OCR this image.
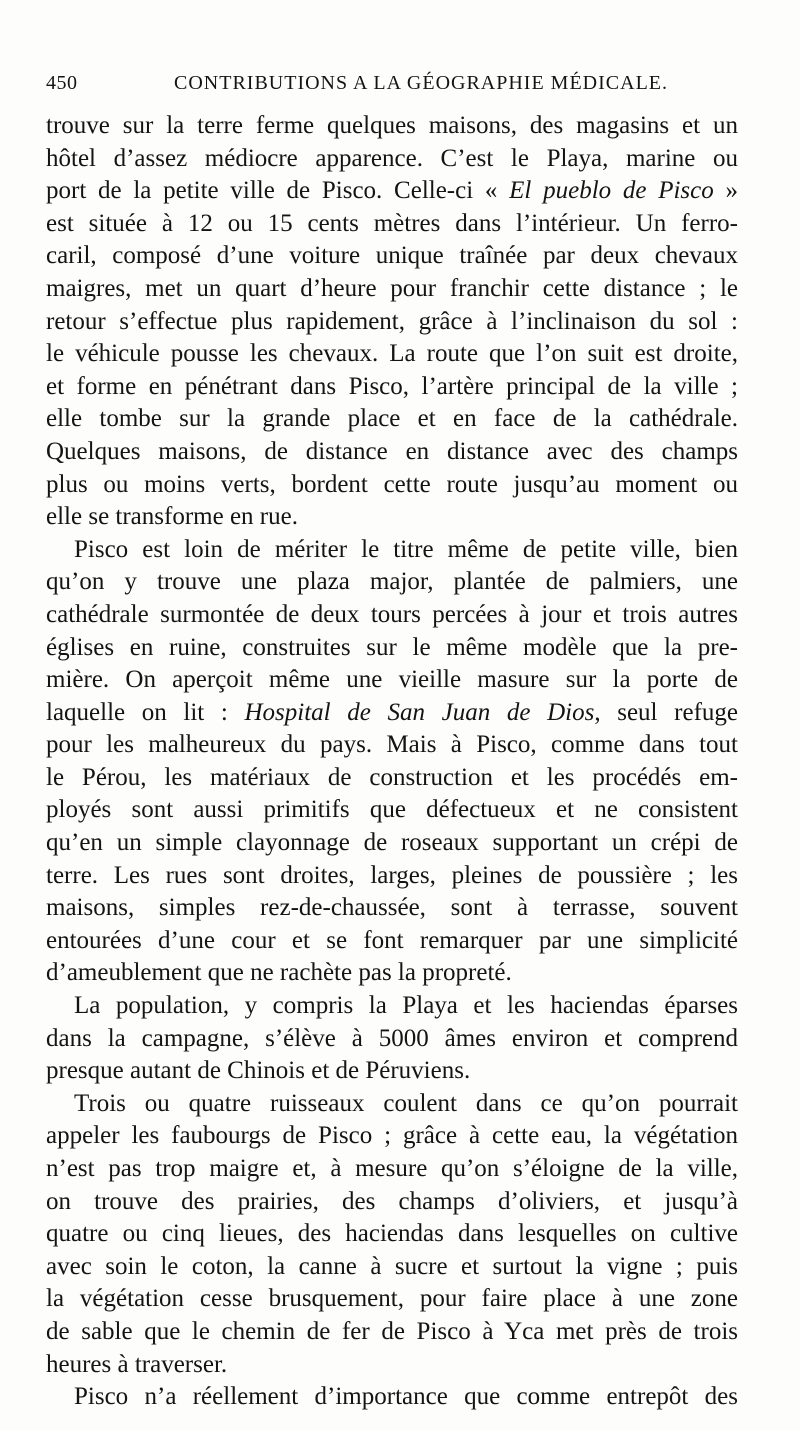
450	CONTRIBUTIONS A LA GÉOGRAPHIE MÉDICALE.

trouve sur la terre ferme quelques maisons, des magasins et un

hôtel d’assez médiocre apparence. C’est le Playa, marine ou

port de la petite ville de Pisco. Celle-ci « El pueblo de Pisco »

est située à 12 ou 15 cents mètres dans l’intérieur. Un ferro-

caril, composé d’une voiture unique traînée par deux chevaux

maigres, met un quart d’heure pour franchir cette distance ; le

retour s’effectue plus rapidement, grâce à l’inclinaison du sol :

le véhicule pousse les chevaux. La route que l’on suit est droite,

et forme en pénétrant dans Pisco, l’artère principal de la ville ;

elle tombe sur la grande place et en face de la cathédrale.

Quelques maisons, de distance en distance avec des champs

plus ou moins verts, bordent cette route jusqu’au moment ou

elle se transforme en rue.

Pisco est loin de mériter le titre même de petite ville, bien

qu’on y trouve une plaza major, plantée de palmiers, une

cathédrale surmontée de deux tours percées à jour et trois autres

églises en ruine, construites sur le même modèle que la pre-

mière. On aperçoit même une vieille masure sur la porte de

laquelle on lit : Hospital de San Juan de Dios, seul refuge

pour les malheureux du pays. Mais à Pisco, comme dans tout

le Pérou, les matériaux de construction et les procédés em-

ployés sont aussi primitifs que défectueux et ne consistent

qu’en un simple clayonnage de roseaux supportant un crépi de

terre. Les rues sont droites, larges, pleines de poussière ; les

maisons, simples rez-de-chaussée, sont à terrasse, souvent

entourées d’une cour et se font remarquer par une simplicité

d’ameublement que ne rachète pas la propreté.

La population, y compris la Playa et les haciendas éparses

dans la campagne, s’élève à 5000 âmes environ et comprend

presque autant de Chinois et de Péruviens.

Trois ou quatre ruisseaux coulent dans ce qu’on pourrait

appeler les faubourgs de Pisco ; grâce à cette eau, la végétation

n’est pas trop maigre et, à mesure qu’on s’éloigne de la ville,

on trouve des prairies, des champs d’oliviers, et jusqu’à

quatre ou cinq lieues, des haciendas dans lesquelles on cultive

avec soin le coton, la canne à sucre et surtout la vigne ; puis

la végétation cesse brusquement, pour faire place à une zone

de sable que le chemin de fer de Pisco à Yca met près de trois

heures à traverser.

Pisco n’a réellement d’importance que comme entrepôt des
